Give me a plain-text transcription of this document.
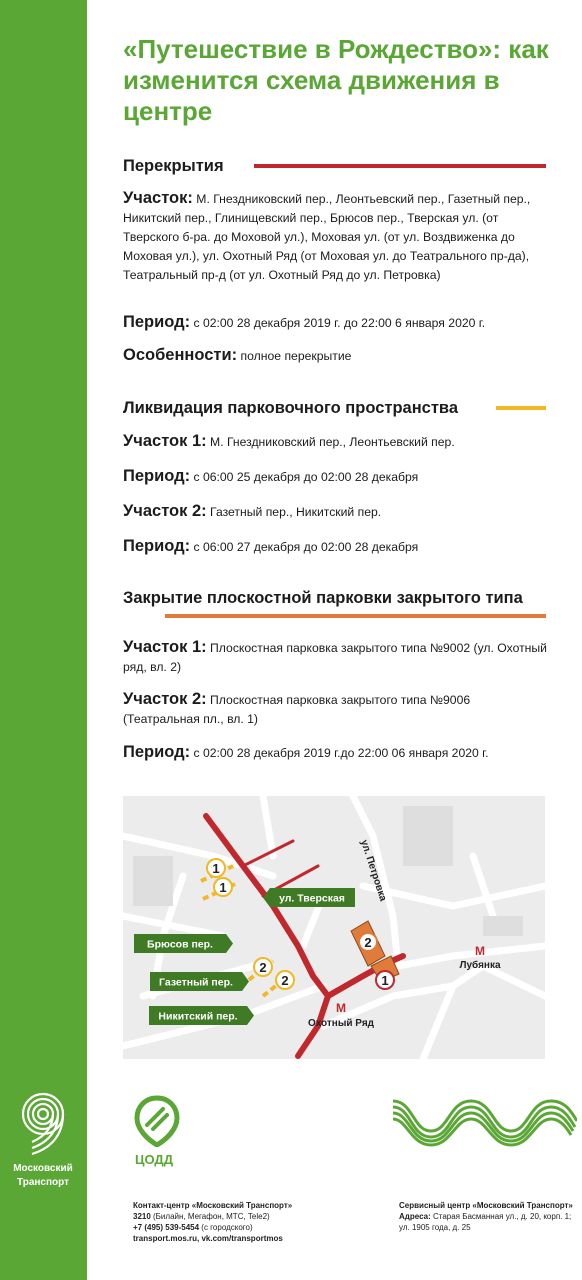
Московский
Транспорт
«Путешествие в Рождество»: как изменится схема движения в центре
Перекрытия
Участок: М. Гнездниковский пер., Леонтьевский пер., Газетный пер., Никитский пер., Глинищевский пер., Брюсов пер., Тверская ул. (от Тверского б-ра. до Моховой ул.), Моховая ул. (от ул. Воздвиженка до Моховая ул.), ул. Охотный Ряд (от Моховая ул. до Театрального пр-да), Театральный пр-д (от ул. Охотный Ряд до ул. Петровка)
Период: с 02:00 28 декабря 2019 г. до 22:00 6 января 2020 г.
Особенности: полное перекрытие
Ликвидация парковочного пространства
Участок 1: М. Гнездниковский пер., Леонтьевский пер.
Период: с 06:00 25 декабря до 02:00 28 декабря
Участок 2: Газетный пер., Никитский пер.
Период: с 06:00 27 декабря до 02:00 28 декабря
Закрытие плоскостной парковки закрытого типа
Участок 1: Плоскостная парковка закрытого типа №9002 (ул. Охотный ряд, вл. 2)
Участок 2: Плоскостная парковка закрытого типа №9006 (Театральная пл., вл. 1)
Период: с 02:00 28 декабря 2019 г.до 22:00 06 января 2020 г.
1
1
2
2
2
1
ул. Петровка
ул. Тверская
Брюсов пер.
Газетный пер.
Никитский пер.
М
Охотный Ряд
М
Лубянка
ЦОДД
Контакт-центр «Московский Транспорт»
3210 (Билайн, Мегафон, МТС, Tele2)
+7 (495) 539-5454 (с городского)
transport.mos.ru, vk.com/transportmos
Сервисный центр «Московский Транспорт»
Адреса: Старая Басманная ул., д. 20, корп. 1;
ул. 1905 года, д. 25
